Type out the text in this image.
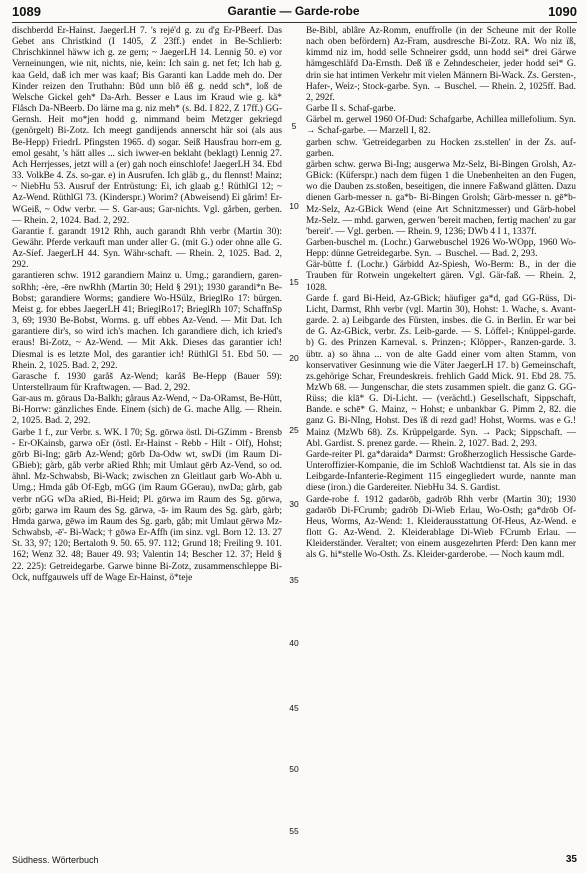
1089	Garantie — Garde-robe	1090

dischberdd Er-Hainst. JaegerLH 7. 's rejé'd g. zu d'g Er-PBeerf. Das Gebet ans Christkind (I 1405, Z 23ff.) endet in Be-Schlierb: Chrischkinnel häww ich g. ze gern; ~ JaegerLH 14. Lennig 50. e) vor Verneinungen, wie nit, nichts, nie, kein: Ich sain g. net fet; Ich hab g. kaa Geld, daß ich mer was kaaf; Bis Garanti kan Ladde meh do. Der Kinder reizen den Truthahn: Bûd unn blô ëß g. nedd sch*, loß de Welsche Gickel geh* Da-Arh. Besser e Laus im Kraud wie g. kä* Flåsch Da-NBeerb. Do lärne ma g. niz meh* (s. Bd. I 822, Z 17ff.) GG-Gernsh. Heit mo*jen hodd g. nimmand beim Metzger gekriegd (genörgelt) Bi-Zotz. Ich meegt gandijends annerscht här soi (als aus Be-Hepp) FriedrL Pfingsten 1965. d) sogar. Seiß Hausfrau horr-em g. emol gesaht, 's hätt alles ... sich iwwer-en beklaht (beklagt) Lennig 27. Ach Herrjesses, jetzt will a (er) gah noch einschlofe! JaegerLH 34. Ebd 33. VolkBe 4. Zs. so-gar. e) in Ausrufen. Ich gläb g., du flennst! Mainz; ~ NiebHu 53. Ausruf der Entrüstung: Ei, ich glaab g.! RüthlGl 12; ~ Az-Wend. RüthlGl 73. (Kinderspr.) Worim? (Abweisend) Ei gårim! Er-WGeiß, ~ Odw verbr. — S. Gar-aus; Gar-nichts. Vgl. gårben, gerben. — Rhein. 2, 1024. Bad. 2, 292.

Garantie f. garandt 1912 Rhh, auch garandt Rhh verbr (Martin 30): Gewähr. Pferde verkauft man under aller G. (mit G.) oder ohne alle G. Az-Sief. JaegerLH 44. Syn. Währ-schaft. — Rhein. 2, 1025. Bad. 2, 292.

garantieren schw. 1912 garandiern Mainz u. Umg.; garandiern, garen- soRhh; -ère, -ēre nwRhh (Martin 30; Held § 291); 1930 garandi*n Be-Bobst; garandiere Worms; gandiere Wo-HSülz, BrieglRo 17: bürgen. Meist g. for ebbes JaegerLH 41; BrieglRo17; BrieglRh 107; SchaffnSp 3, 69; 1930 Be-Bobst, Worms. g. uff ebbes Az-Vend. — Mit Dat. Ich garantiere dir's, so wird ich's machen. Ich garandiere dich, ich kried's eraus! Bi-Zotz, ~ Az-Wend. — Mit Akk. Dieses das garantier ich! Diesmal is es letzte Mol, des garantier ich! RüthlGl 51. Ebd 50. — Rhein. 2, 1025. Bad. 2, 292.

Garasche f. 1930 garåš Az-Wend; karåš Be-Hepp (Bauer 59): Unterstellraum für Kraftwagen. — Bad. 2, 292.

Gar-aus m. gōraus Da-Balkh; gåraus Az-Wend, ~ Da-ORamst, Be-Hütt, Bi-Horrw: gänzliches Ende. Einem (sich) de G. mache Allg. — Rhein. 2, 1025. Bad. 2, 292.

Garbe 1 f., zur Verbr. s. WK. I 70; Sg. gōrwə östl. Di-GZimm - Brensb - Er-OKainsb, garwə oEr (östl. Er-Hainst - Rebb - Hilt - Olf), Hohst; gōrb Bi-Ing; gārb Az-Wend; gōrb Da-Odw wt, swDi (im Raum Di-GBieb); gàrb, gåb verbr aRied Rhh; mit Umlaut gērb Az-Vend, so od. ähnl. Mz-Schwabsb, Bi-Wack; zwischen zn Gleitlaut garb Wo-Abh u. Umg.; Hmda gåb Of-Egb, mGG (im Raum GGerau), nwDa; gårb, gab verbr nGG wDa aRied, Bi-Heid; Pl. gōrwə im Raum des Sg. gōrwə, gōrb; garwə im Raum des Sg. gārwə, -ā- im Raum des Sg. gàrb, gàrb; Hmda garwə, gēwə im Raum des Sg. garb, gåb; mit Umlaut gērwə Mz-Schwabsb, -ē'- Bi-Wack; † gōwə Er-Affh (im sinz. vgl. Born 12. 13. 27 St. 33, 97; 120; Bertaloth 9. 50. 65. 97. 112; Grund 18; Freiling 9. 101. 162; Wenz 32. 48; Bauer 49. 93; Valentin 14; Bescher 12. 37; Held § 22. 225): Getreidegarbe. Garwe binne Bi-Zotz, zusammenschleppe Bi-Ock, nuffgauwels uff de Wage Er-Hainst, ö*teje

5
10
15
20
25
30
35
40
45
50
55

Be-Bibl, ablâre Az-Romm, enuffrolle (in der Scheune mit der Rolle nach oben befördern) Az-Fram, ausdresche Bi-Zotz. RA. Wo niz ïß, kimmd niz im, hodd selle Schneirer gsdd, unn hodd sei* drei Gärwe hämgeschläfd Da-Ernsth. Deß ïß e Zehndescheier, jeder hodd sei* G. drin sie hat intimen Verkehr mit vielen Männern Bi-Wack. Zs. Gersten-, Hafer-, Weiz-; Stock-garbe. Syn. → Buschel. — Rhein. 2, 1025ff. Bad. 2, 292f.

Garbe II s. Schaf-garbe.

Gärbel m. gerwel 1960 Of-Dud: Schafgarbe, Achillea millefolium. Syn. → Schaf-garbe. — Marzell I, 82.

garben schw. 'Getreidegarben zu Hocken zs.stellen' in der Zs. auf-garben.

gärben schw. gerwə Bi-Ing; ausgerwə Mz-Selz, Bi-Bingen Grolsh, Az-GBick: (Küferspr.) nach dem fügen 1 die Unebenheiten an den Fugen, wo die Dauben zs.stoßen, beseitigen, die innere Faßwand glätten. Dazu dienen Garb-messer n. ga*b- Bi-Bingen Grolsh; Gärb-messer n. gē*b- Mz-Selz, Az-GBick Wend (eine Art Schnitzmesser) und Gärb-hobel Mz-Selz. — mhd. garwen, gerwen 'bereit machen, fertig machen' zu gar 'bereit'. — Vgl. gerben. — Rhein. 9, 1236; DWb 4 I 1, 1337f.

Garben-buschel m. (Lochr.) Garwebuschel 1926 Wo-WOpp, 1960 Wo-Hepp: dünne Getreidegarbe. Syn. → Buschel. — Bad. 2, 293.

Gär-bütte f. (Lochr.) Gärbidd Az-Spiesh, Wo-Berm: B., in der die Trauben für Rotwein ungekeltert gären. Vgl. Gär-faß. — Rhein. 2, 1028.

Garde f. gard Bi-Heid, Az-GBick; häufiger ga*d, gad GG-Rüss, Di-Licht, Darmst, Rhh verbr (vgl. Martin 30), Hohst: 1. Wache, s. Avant-garde. 2. a) Leibgarde des Fürsten, insbes. die G. in Berlin. Er war bei de G. Az-GBick, verbr. Zs. Leib-garde. — S. Löffel-; Knüppel-garde. b) G. des Prinzen Karneval. s. Prinzen-; Klöpper-, Ranzen-garde. 3. übtr. a) so ähna ... von de alte Gadd einer vom alten Stamm, von konservativer Gesinnung wie die Väter JaegerLH 17. b) Gemeinschaft, zs.gehörige Schar, Freundeskreis. frehlich Gadd Mick. 91. Ebd 28. 75. MzWb 68. — Jungenschar, die stets zusammen spielt. die ganz G. GG-Rüss; die klā* G. Di-Licht. — (verächtl.) Gesellschaft, Sippschaft, Bande. e schē* G. Mainz, ~ Hohst; e unbankbar G. Pimm 2, 82. die ganz G. Bi-NIng, Hohst. Des ïß di rezd gad! Hohst, Worms. was e G.! Mainz (MzWb 68). Zs. Krüppelgarde. Syn. → Pack; Sippschaft. — Abl. Gardist. S. prenez garde. — Rhein. 2, 1027. Bad. 2, 293.

Garde-reiter Pl. ga*dəraida* Darmst: Großherzoglich Hessische Garde-Unteroffizier-Kompanie, die im Schloß Wachtdienst tat. Als sie in das Leibgarde-Infanterie-Regiment 115 eingegliedert wurde, nannte man diese (iron.) die Gardereiter. NiebHu 34. S. Gardist.

Garde-robe f. 1912 gadərōb, gadrōb Rhh verbr (Martin 30); 1930 gadərōb Di-FCrumb; gadrōb Di-Wieb Erlau, Wo-Osth; ga*drōb Of-Heus, Worms, Az-Wend: 1. Kleiderausstattung Of-Heus, Az-Wend. e flott G. Az-Wend. 2. Kleiderablage Di-Wieb FCrumb Erlau. — Kleiderständer. Veraltet; von einem ausgezehrten Pferd: Den kann mer als G. hi*stelle Wo-Osth. Zs. Kleider-garderobe. — Noch kaum mdl.

Südhess. Wörterbuch	35
